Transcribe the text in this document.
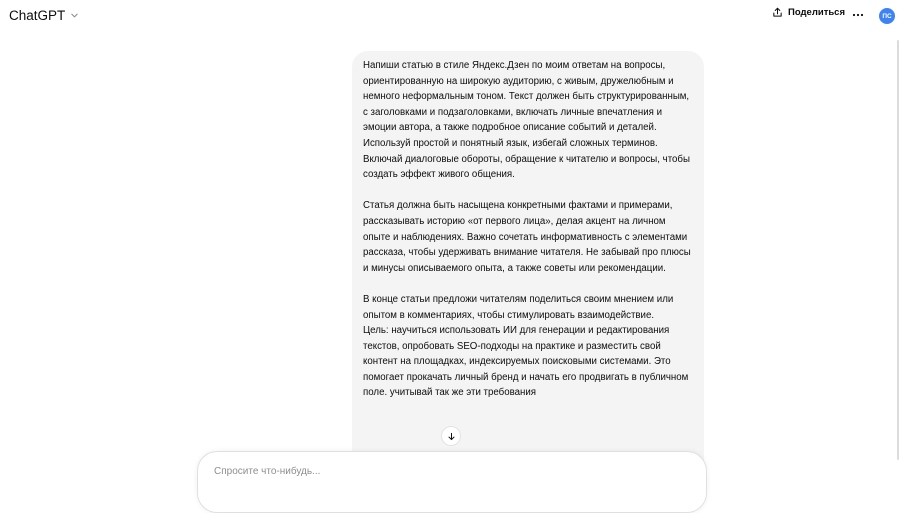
ChatGPT	Поделиться	ПС

Напиши статью в стиле Яндекс.Дзен по моим ответам на вопросы, ориентированную на широкую аудиторию, с живым, дружелюбным и немного неформальным тоном. Текст должен быть структурированным, с заголовками и подзаголовками, включать личные впечатления и эмоции автора, а также подробное описание событий и деталей. Используй простой и понятный язык, избегай сложных терминов. Включай диалоговые обороты, обращение к читателю и вопросы, чтобы создать эффект живого общения.

Статья должна быть насыщена конкретными фактами и примерами, рассказывать историю «от первого лица», делая акцент на личном опыте и наблюдениях. Важно сочетать информативность с элементами рассказа, чтобы удерживать внимание читателя. Не забывай про плюсы и минусы описываемого опыта, а также советы или рекомендации.

В конце статьи предложи читателям поделиться своим мнением или опытом в комментариях, чтобы стимулировать взаимодействие.           Цель: научиться использовать ИИ для генерации и редактирования текстов, опробовать SEO-подходы на практике и разместить свой контент на площадках, индексируемых поисковыми системами. Это помогает прокачать личный бренд и начать его продвигать в публичном поле. учитывай так же эти требования

Спросите что-нибудь...
